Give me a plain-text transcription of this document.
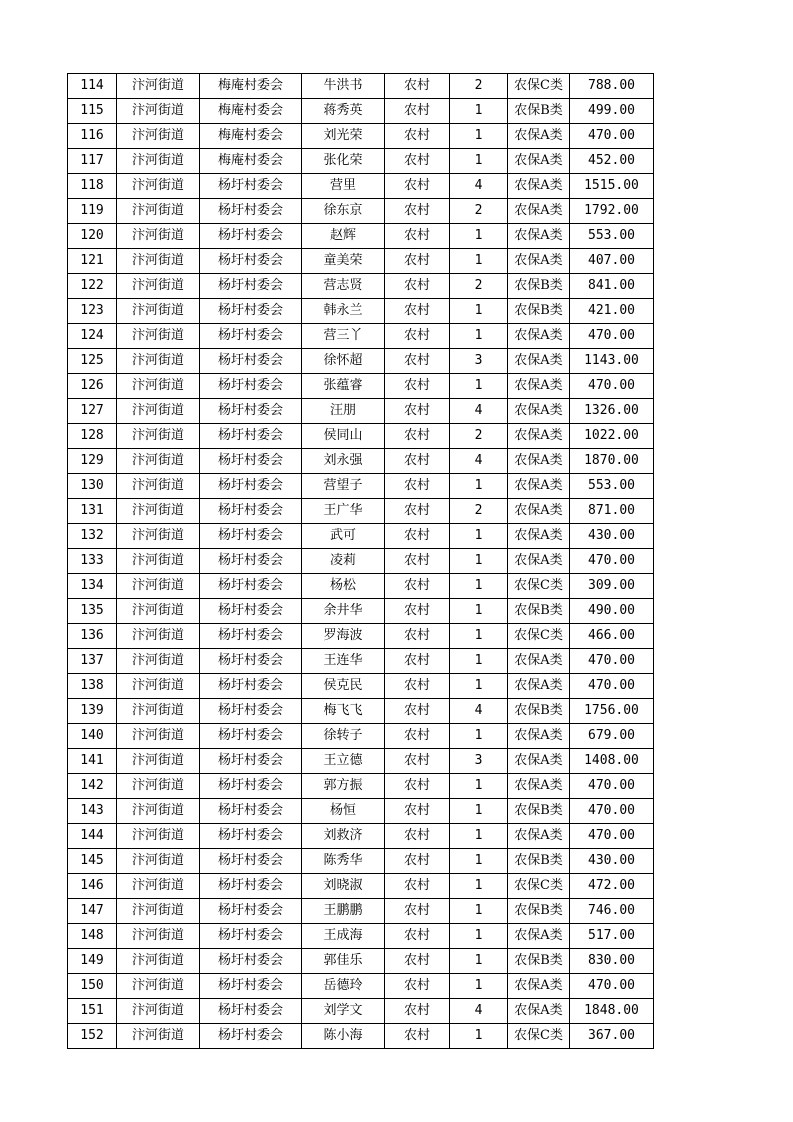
114	汴河街道	梅庵村委会	牛洪书	农村	2	农保C类	788.00
115	汴河街道	梅庵村委会	蒋秀英	农村	1	农保B类	499.00
116	汴河街道	梅庵村委会	刘光荣	农村	1	农保A类	470.00
117	汴河街道	梅庵村委会	张化荣	农村	1	农保A类	452.00
118	汴河街道	杨圩村委会	营里	农村	4	农保A类	1515.00
119	汴河街道	杨圩村委会	徐东京	农村	2	农保A类	1792.00
120	汴河街道	杨圩村委会	赵辉	农村	1	农保A类	553.00
121	汴河街道	杨圩村委会	童美荣	农村	1	农保A类	407.00
122	汴河街道	杨圩村委会	营志贤	农村	2	农保B类	841.00
123	汴河街道	杨圩村委会	韩永兰	农村	1	农保B类	421.00
124	汴河街道	杨圩村委会	营三丫	农村	1	农保A类	470.00
125	汴河街道	杨圩村委会	徐怀超	农村	3	农保A类	1143.00
126	汴河街道	杨圩村委会	张蕴睿	农村	1	农保A类	470.00
127	汴河街道	杨圩村委会	汪朋	农村	4	农保A类	1326.00
128	汴河街道	杨圩村委会	侯同山	农村	2	农保A类	1022.00
129	汴河街道	杨圩村委会	刘永强	农村	4	农保A类	1870.00
130	汴河街道	杨圩村委会	营望子	农村	1	农保A类	553.00
131	汴河街道	杨圩村委会	王广华	农村	2	农保A类	871.00
132	汴河街道	杨圩村委会	武可	农村	1	农保A类	430.00
133	汴河街道	杨圩村委会	凌莉	农村	1	农保A类	470.00
134	汴河街道	杨圩村委会	杨松	农村	1	农保C类	309.00
135	汴河街道	杨圩村委会	余井华	农村	1	农保B类	490.00
136	汴河街道	杨圩村委会	罗海波	农村	1	农保C类	466.00
137	汴河街道	杨圩村委会	王连华	农村	1	农保A类	470.00
138	汴河街道	杨圩村委会	侯克民	农村	1	农保A类	470.00
139	汴河街道	杨圩村委会	梅飞飞	农村	4	农保B类	1756.00
140	汴河街道	杨圩村委会	徐转子	农村	1	农保A类	679.00
141	汴河街道	杨圩村委会	王立德	农村	3	农保A类	1408.00
142	汴河街道	杨圩村委会	郭方振	农村	1	农保A类	470.00
143	汴河街道	杨圩村委会	杨恒	农村	1	农保B类	470.00
144	汴河街道	杨圩村委会	刘救济	农村	1	农保A类	470.00
145	汴河街道	杨圩村委会	陈秀华	农村	1	农保B类	430.00
146	汴河街道	杨圩村委会	刘晓淑	农村	1	农保C类	472.00
147	汴河街道	杨圩村委会	王鹏鹏	农村	1	农保B类	746.00
148	汴河街道	杨圩村委会	王成海	农村	1	农保A类	517.00
149	汴河街道	杨圩村委会	郭佳乐	农村	1	农保B类	830.00
150	汴河街道	杨圩村委会	岳德玲	农村	1	农保A类	470.00
151	汴河街道	杨圩村委会	刘学文	农村	4	农保A类	1848.00
152	汴河街道	杨圩村委会	陈小海	农村	1	农保C类	367.00
